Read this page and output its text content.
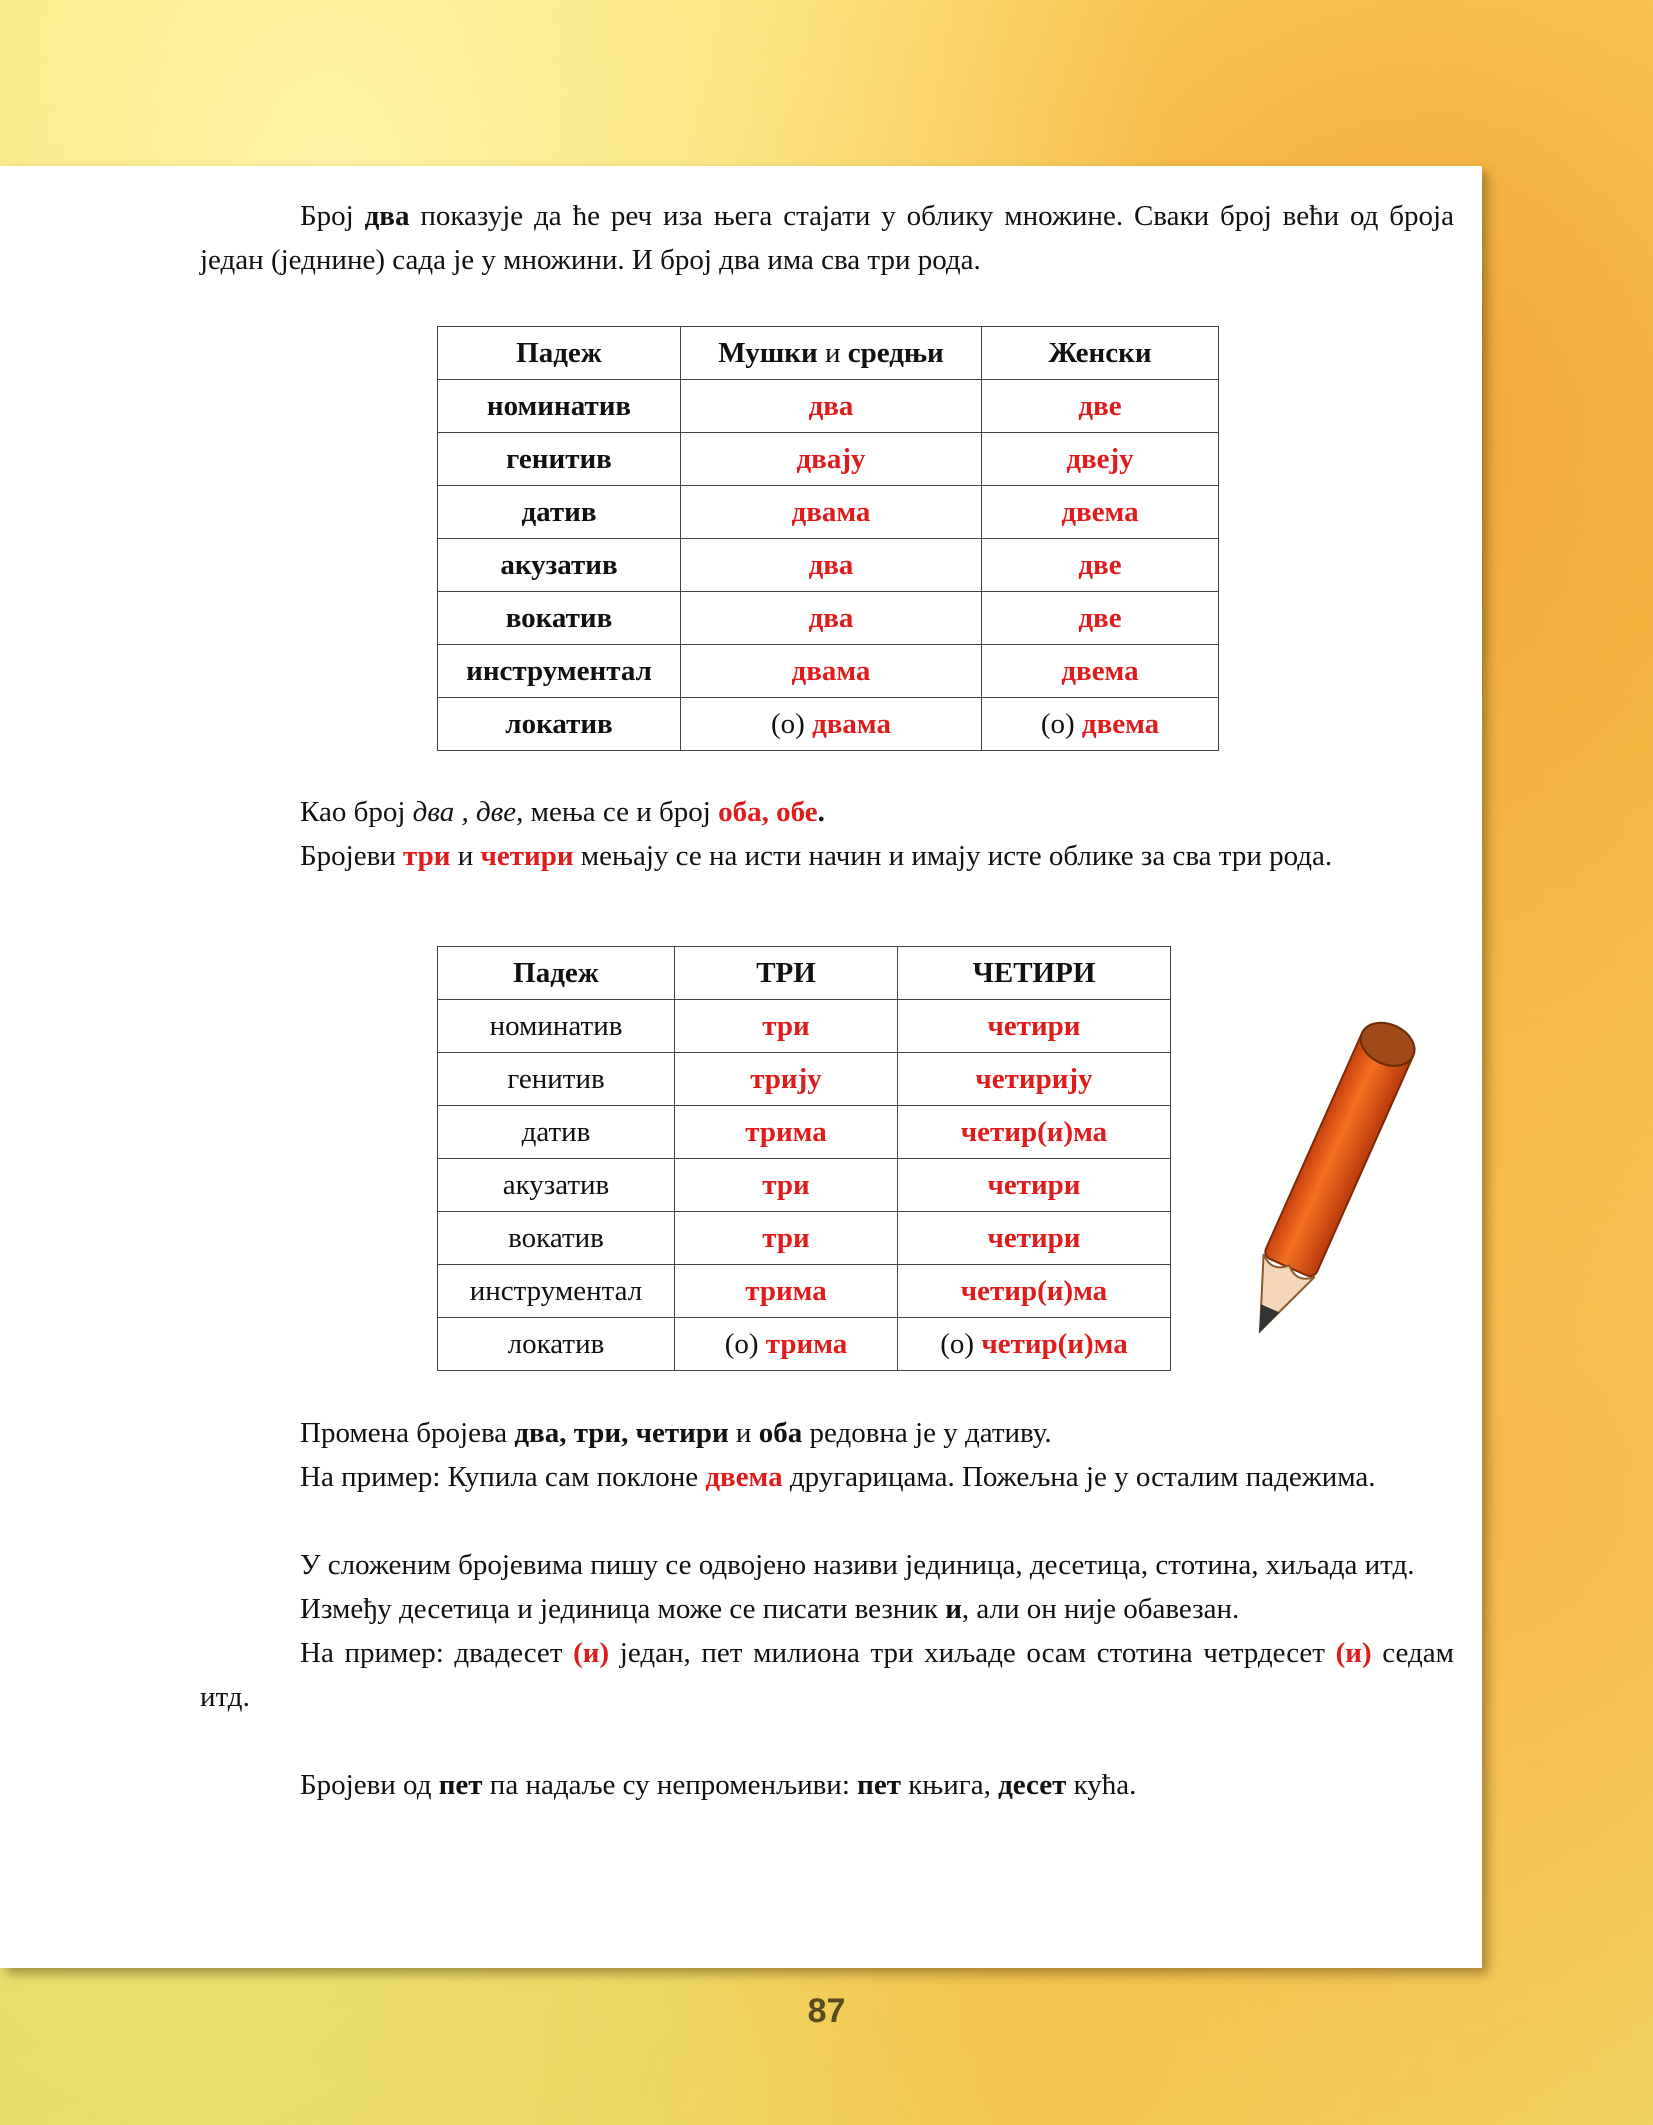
Број два показује да ће реч иза њега стајати у облику множине. Сваки број већи од броја један (једнине) сада је у множини. И број два има сва три рода.

Падеж	Мушки и средњи	Женски
номинатив	два	две
генитив	двају	двеју
датив	двама	двема
акузатив	два	две
вокатив	два	две
инструментал	двама	двема
локатив	(о) двама	(о) двема

Као број два , две, мења се и број оба, обе.

Бројеви три и четири мењају се на исти начин и имају исте облике за сва три рода.

Падеж	ТРИ	ЧЕТИРИ
номинатив	три	четири
генитив	трију	четирију
датив	трима	четир(и)ма
акузатив	три	четири
вокатив	три	четири
инструментал	трима	четир(и)ма
локатив	(о) трима	(о) четир(и)ма

Промена бројева два, три, четири и оба редовна је у дативу.

На пример: Купила сам поклоне двема другарицама. Пожељна је у осталим падежима.

У сложеним бројевима пишу се одвојено називи јединица, десетица, стотина, хиљада итд.

Између десетица и јединица може се писати везник и, али он није обавезан.

На пример: двадесет (и) један, пет милиона три хиљаде осам стотина четрдесет (и) седам итд.

Бројеви од пет па надаље су непроменљиви: пет књига, десет кућа.

87
